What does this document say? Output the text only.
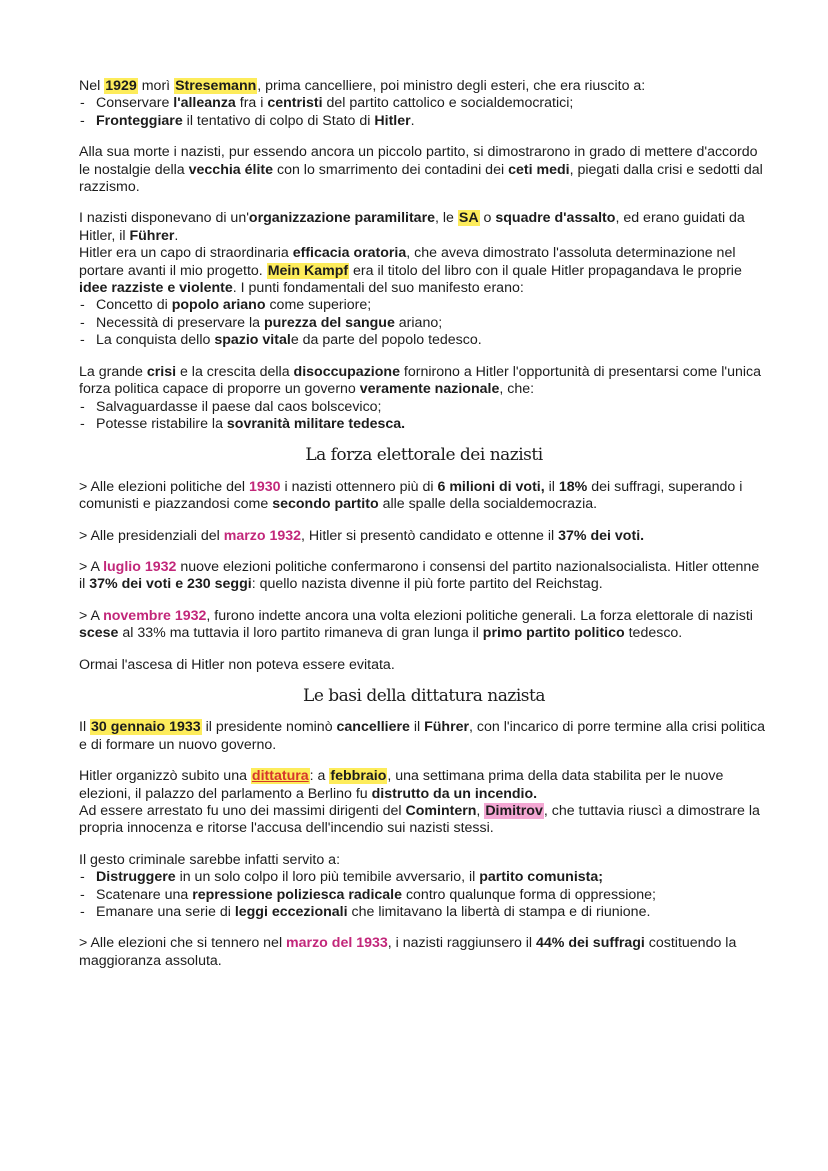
Nel 1929 morì Stresemann, prima cancelliere, poi ministro degli esteri, che era riuscito a:

- Conservare l'alleanza fra i centristi del partito cattolico e socialdemocratici;
- Fronteggiare il tentativo di colpo di Stato di Hitler.

Alla sua morte i nazisti, pur essendo ancora un piccolo partito, si dimostrarono in grado di mettere d'accordo le nostalgie della vecchia élite con lo smarrimento dei contadini dei ceti medi, piegati dalla crisi e sedotti dal razzismo.

I nazisti disponevano di un'organizzazione paramilitare, le SA o squadre d'assalto, ed erano guidati da Hitler, il Führer.

Hitler era un capo di straordinaria efficacia oratoria, che aveva dimostrato l'assoluta determinazione nel portare avanti il mio progetto. Mein Kampf era il titolo del libro con il quale Hitler propagandava le proprie idee razziste e violente. I punti fondamentali del suo manifesto erano:

- Concetto di popolo ariano come superiore;
- Necessità di preservare la purezza del sangue ariano;
- La conquista dello spazio vitale da parte del popolo tedesco.

La grande crisi e la crescita della disoccupazione fornirono a Hitler l'opportunità di presentarsi come l'unica forza politica capace di proporre un governo veramente nazionale, che:

- Salvaguardasse il paese dal caos bolscevico;
- Potesse ristabilire la sovranità militare tedesca.
La forza elettorale dei nazisti

> Alle elezioni politiche del 1930 i nazisti ottennero più di 6 milioni di voti, il 18% dei suffragi, superando i comunisti e piazzandosi come secondo partito alle spalle della socialdemocrazia.

> Alle presidenziali del marzo 1932, Hitler si presentò candidato e ottenne il 37% dei voti.

> A luglio 1932 nuove elezioni politiche confermarono i consensi del partito nazionalsocialista. Hitler ottenne il 37% dei voti e 230 seggi: quello nazista divenne il più forte partito del Reichstag.

> A novembre 1932, furono indette ancora una volta elezioni politiche generali. La forza elettorale di nazisti scese al 33% ma tuttavia il loro partito rimaneva di gran lunga il primo partito politico tedesco.

Ormai l'ascesa di Hitler non poteva essere evitata.

Le basi della dittatura nazista

Il 30 gennaio 1933 il presidente nominò cancelliere il Führer, con l'incarico di porre termine alla crisi politica e di formare un nuovo governo.

Hitler organizzò subito una dittatura: a febbraio, una settimana prima della data stabilita per le nuove elezioni, il palazzo del parlamento a Berlino fu distrutto da un incendio.

Ad essere arrestato fu uno dei massimi dirigenti del Comintern, Dimitrov, che tuttavia riuscì a dimostrare la propria innocenza e ritorse l'accusa dell'incendio sui nazisti stessi.

Il gesto criminale sarebbe infatti servito a:

- Distruggere in un solo colpo il loro più temibile avversario, il partito comunista;
- Scatenare una repressione poliziesca radicale contro qualunque forma di oppressione;
- Emanare una serie di leggi eccezionali che limitavano la libertà di stampa e di riunione.

> Alle elezioni che si tennero nel marzo del 1933, i nazisti raggiunsero il 44% dei suffragi costituendo la maggioranza assoluta.
